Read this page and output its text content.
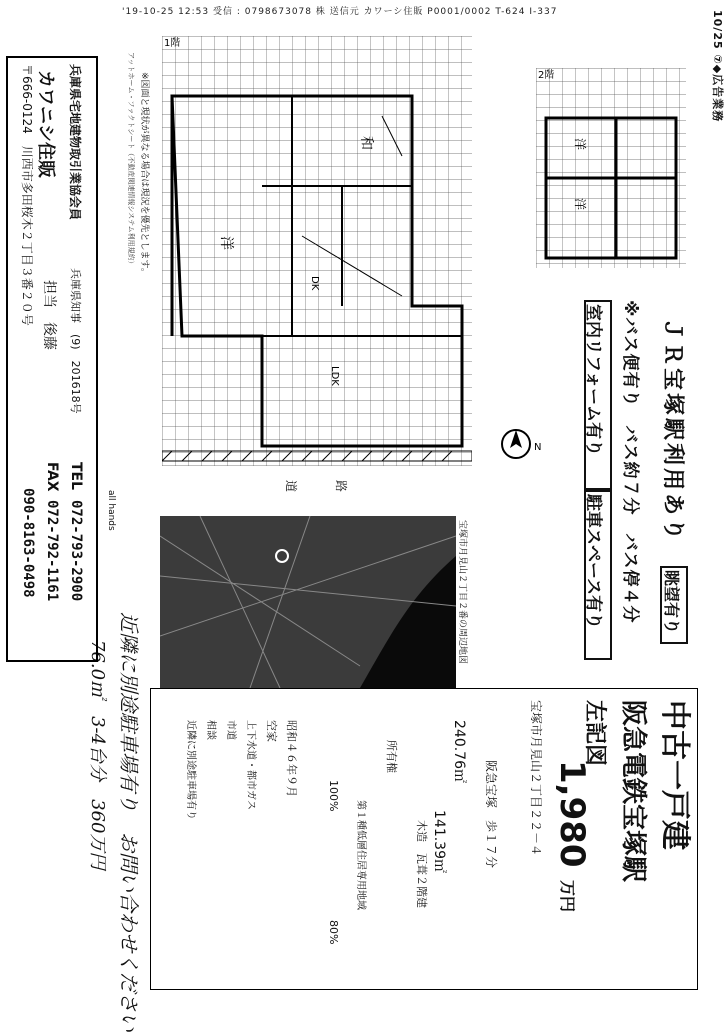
'19-10-25 12:53 受信 : 0798673078 株 送信元 カワーシ住販 P0001/0002 T-624 I-337	10/25 ⑦◆広告業務
1階
洋
和
DK
LDK
※図面と現状が異なる場合は現況を優先とします。
アットホーム・ファクトシート（不動産関連情報システム利用規約）	2階
洋
洋
ＪＲ宝塚駅利用あり
眺望有り
※バス便有り　バス約７分　バス停４分
室内リフォーム有り
駐車スペース有り
N
道	路
宝塚市月見山２丁目２番の周辺地図
中古一戸建
阪急電鉄宝塚駅
左記図
1,980
万円
宝塚市月見山２丁目２２－４
阪急宝塚　歩１７分
240.76㎡
141.39㎡
木造　瓦葺２階建
所有権
第１種低層住居専用地域
100%
80%
昭和４６年９月
空家
上下水道・都市ガス
市道
相談
近隣に別途駐車場有り
近隣に別途駐車場有り　お問い合わせください
76.0㎡　3-4台分　360万円
兵庫県宅地建物取引業協会員
兵庫県知事　(9)　201618号
カワニシ住販
担当　後藤
〒666-0124　川西市多田桜木２丁目３番２０号
TEL
072-793-2900
FAX
072-792-1161
090-8163-0498	all hands
